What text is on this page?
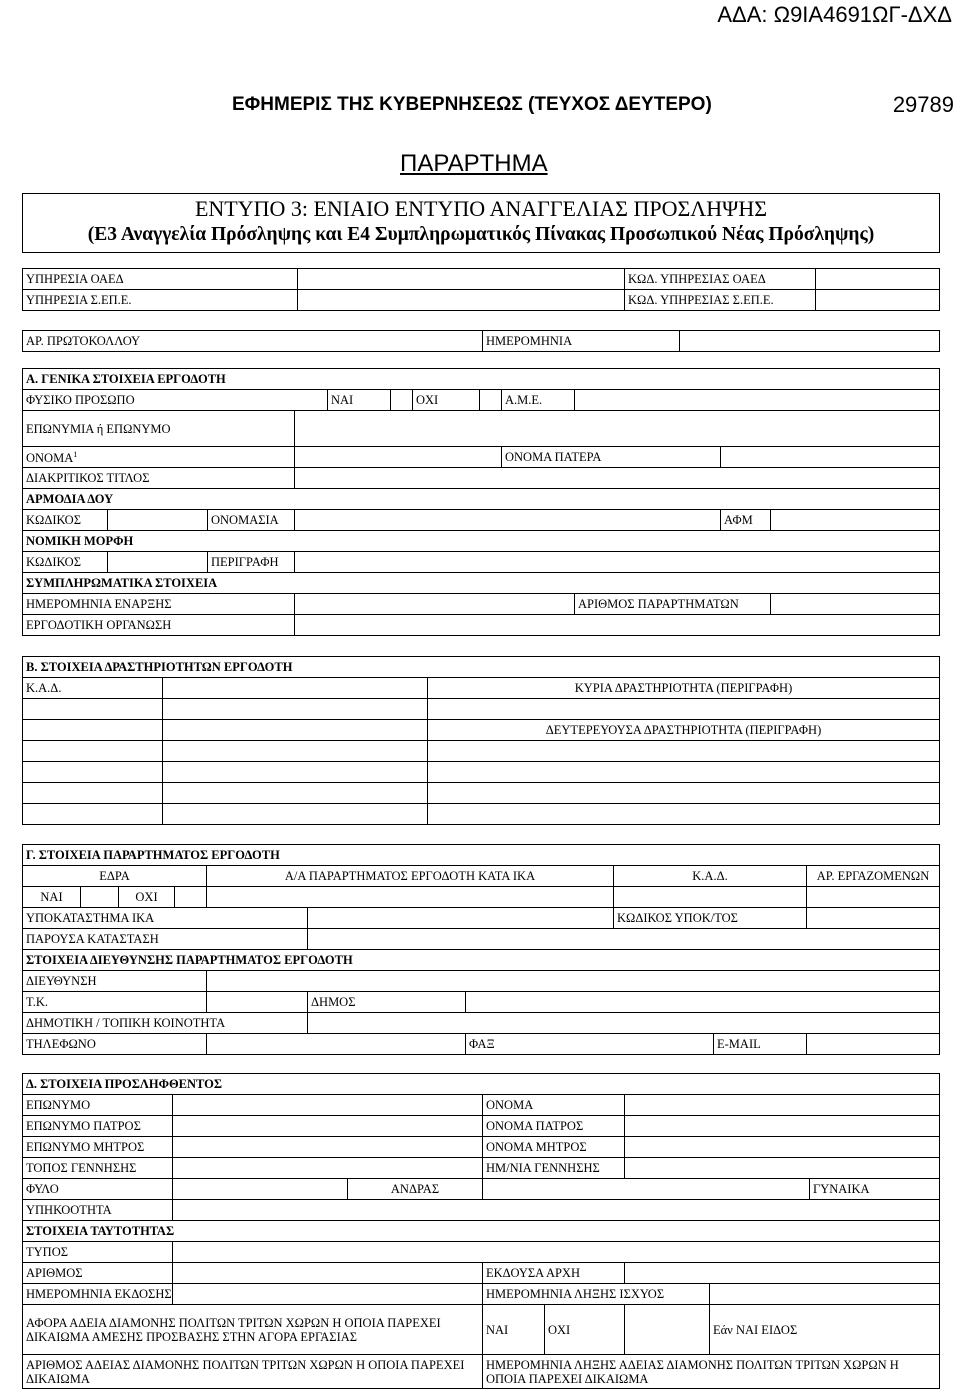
ΑΔΑ: Ω9ΙΑ4691ΩΓ-ΔΧΔ
ΕΦΗΜΕΡΙΣ ΤΗΣ ΚΥΒΕΡΝΗΣΕΩΣ (ΤΕΥΧΟΣ ΔΕΥΤΕΡΟ)	29789
ΠΑΡΑΡΤΗΜΑ
ΕΝΤΥΠΟ 3: ΕΝΙΑΙΟ ΕΝΤΥΠΟ ΑΝΑΓΓΕΛΙΑΣ ΠΡΟΣΛΗΨΗΣ
(Ε3 Αναγγελία Πρόσληψης και Ε4 Συμπληρωματικός Πίνακας Προσωπικού Νέας Πρόσληψης)
ΥΠΗΡΕΣΙΑ ΟΑΕΔ		ΚΩΔ. ΥΠΗΡΕΣΙΑΣ ΟΑΕΔ	
ΥΠΗΡΕΣΙΑ Σ.ΕΠ.Ε.		ΚΩΔ. ΥΠΗΡΕΣΙΑΣ Σ.ΕΠ.Ε.	
ΑΡ. ΠΡΩΤΟΚΟΛΛΟΥ	ΗΜΕΡΟΜΗΝΙΑ	
Α. ΓΕΝΙΚΑ ΣΤΟΙΧΕΙΑ ΕΡΓΟΔΟΤΗ											
ΦΥΣΙΚΟ ΠΡΟΣΩΠΟ				ΝΑΙ		ΟΧΙ		Α.Μ.Ε.			
ΕΠΩΝΥΜΙΑ ή ΕΠΩΝΥΜΟ											
ΟΝΟΜΑ$^1$								ΟΝΟΜΑ ΠΑΤΕΡΑ			
ΔΙΑΚΡΙΤΙΚΟΣ ΤΙΤΛΟΣ											
ΑΡΜΟΔΙΑ ΔΟΥ											
ΚΩΔΙΚΟΣ		ΟΝΟΜΑΣΙΑ								ΑΦΜ	
ΝΟΜΙΚΗ ΜΟΡΦΗ											
ΚΩΔΙΚΟΣ		ΠΕΡΙΓΡΑΦΗ									
ΣΥΜΠΛΗΡΩΜΑΤΙΚΑ ΣΤΟΙΧΕΙΑ											
ΗΜΕΡΟΜΗΝΙΑ ΕΝΑΡΞΗΣ									ΑΡΙΘΜΟΣ ΠΑΡΑΡΤΗΜΑΤΩΝ		
ΕΡΓΟΔΟΤΙΚΗ ΟΡΓΑΝΩΣΗ											
Β. ΣΤΟΙΧΕΙΑ ΔΡΑΣΤΗΡΙΟΤΗΤΩΝ ΕΡΓΟΔΟΤΗ		
Κ.Α.Δ.		ΚΥΡΙΑ ΔΡΑΣΤΗΡΙΟΤΗΤΑ (ΠΕΡΙΓΡΑΦΗ)

		ΔΕΥΤΕΡΕΥΟΥΣΑ ΔΡΑΣΤΗΡΙΟΤΗΤΑ (ΠΕΡΙΓΡΑΦΗ)

Γ. ΣΤΟΙΧΕΙΑ ΠΑΡΑΡΤΗΜΑΤΟΣ ΕΡΓΟΔΟΤΗ									
ΕΔΡΑ				Α/Α ΠΑΡΑΡΤΗΜΑΤΟΣ ΕΡΓΟΔΟΤΗ ΚΑΤΑ ΙΚΑ			Κ.Α.Δ.		ΑΡ. ΕΡΓΑΖΟΜΕΝΩΝ
ΝΑΙ		ΟΧΙ							
ΥΠΟΚΑΤΑΣΤΗΜΑ ΙΚΑ							ΚΩΔΙΚΟΣ ΥΠΟΚ/ΤΟΣ		
ΠΑΡΟΥΣΑ ΚΑΤΑΣΤΑΣΗ									
ΣΤΟΙΧΕΙΑ ΔΙΕΥΘΥΝΣΗΣ ΠΑΡΑΡΤΗΜΑΤΟΣ ΕΡΓΟΔΟΤΗ									
ΔΙΕΥΘΥΝΣΗ									
Τ.Κ.					ΔΗΜΟΣ				
ΔΗΜΟΤΙΚΗ / ΤΟΠΙΚΗ ΚΟΙΝΟΤΗΤΑ									
ΤΗΛΕΦΩΝΟ						ΦΑΞ		E-MAIL	
Δ. ΣΤΟΙΧΕΙΑ ΠΡΟΣΛΗΦΘΕΝΤΟΣ							
ΕΠΩΝΥΜΟ			ΟΝΟΜΑ				
ΕΠΩΝΥΜΟ ΠΑΤΡΟΣ			ΟΝΟΜΑ ΠΑΤΡΟΣ				
ΕΠΩΝΥΜΟ ΜΗΤΡΟΣ			ΟΝΟΜΑ ΜΗΤΡΟΣ				
ΤΟΠΟΣ ΓΕΝΝΗΣΗΣ			ΗΜ/ΝΙΑ ΓΕΝΝΗΣΗΣ				
ΦΥΛΟ		ΑΝΔΡΑΣ					ΓΥΝΑΙΚΑ
ΥΠΗΚΟΟΤΗΤΑ							
ΣΤΟΙΧΕΙΑ ΤΑΥΤΟΤΗΤΑΣ							
ΤΥΠΟΣ							
ΑΡΙΘΜΟΣ			ΕΚΔΟΥΣΑ ΑΡΧΗ				
ΗΜΕΡΟΜΗΝΙΑ ΕΚΔΟΣΗΣ			ΗΜΕΡΟΜΗΝΙΑ ΛΗΞΗΣ ΙΣΧΥΟΣ				
ΑΦΟΡΑ ΑΔΕΙΑ ΔΙΑΜΟΝΗΣ ΠΟΛΙΤΩΝ ΤΡΙΤΩΝ ΧΩΡΩΝ Η ΟΠΟΙΑ ΠΑΡΕΧΕΙ ΔΙΚΑΙΩΜΑ ΑΜΕΣΗΣ ΠΡΟΣΒΑΣΗΣ ΣΤΗΝ ΑΓΟΡΑ ΕΡΓΑΣΙΑΣ			ΝΑΙ	ΟΧΙ		Εάν ΝΑΙ ΕΙΔΟΣ	
ΑΡΙΘΜΟΣ ΑΔΕΙΑΣ ΔΙΑΜΟΝΗΣ ΠΟΛΙΤΩΝ ΤΡΙΤΩΝ ΧΩΡΩΝ Η ΟΠΟΙΑ ΠΑΡΕΧΕΙ ΔΙΚΑΙΩΜΑ			ΗΜΕΡΟΜΗΝΙΑ ΛΗΞΗΣ ΑΔΕΙΑΣ ΔΙΑΜΟΝΗΣ ΠΟΛΙΤΩΝ ΤΡΙΤΩΝ ΧΩΡΩΝ Η ΟΠΟΙΑ ΠΑΡΕΧΕΙ ΔΙΚΑΙΩΜΑ				
